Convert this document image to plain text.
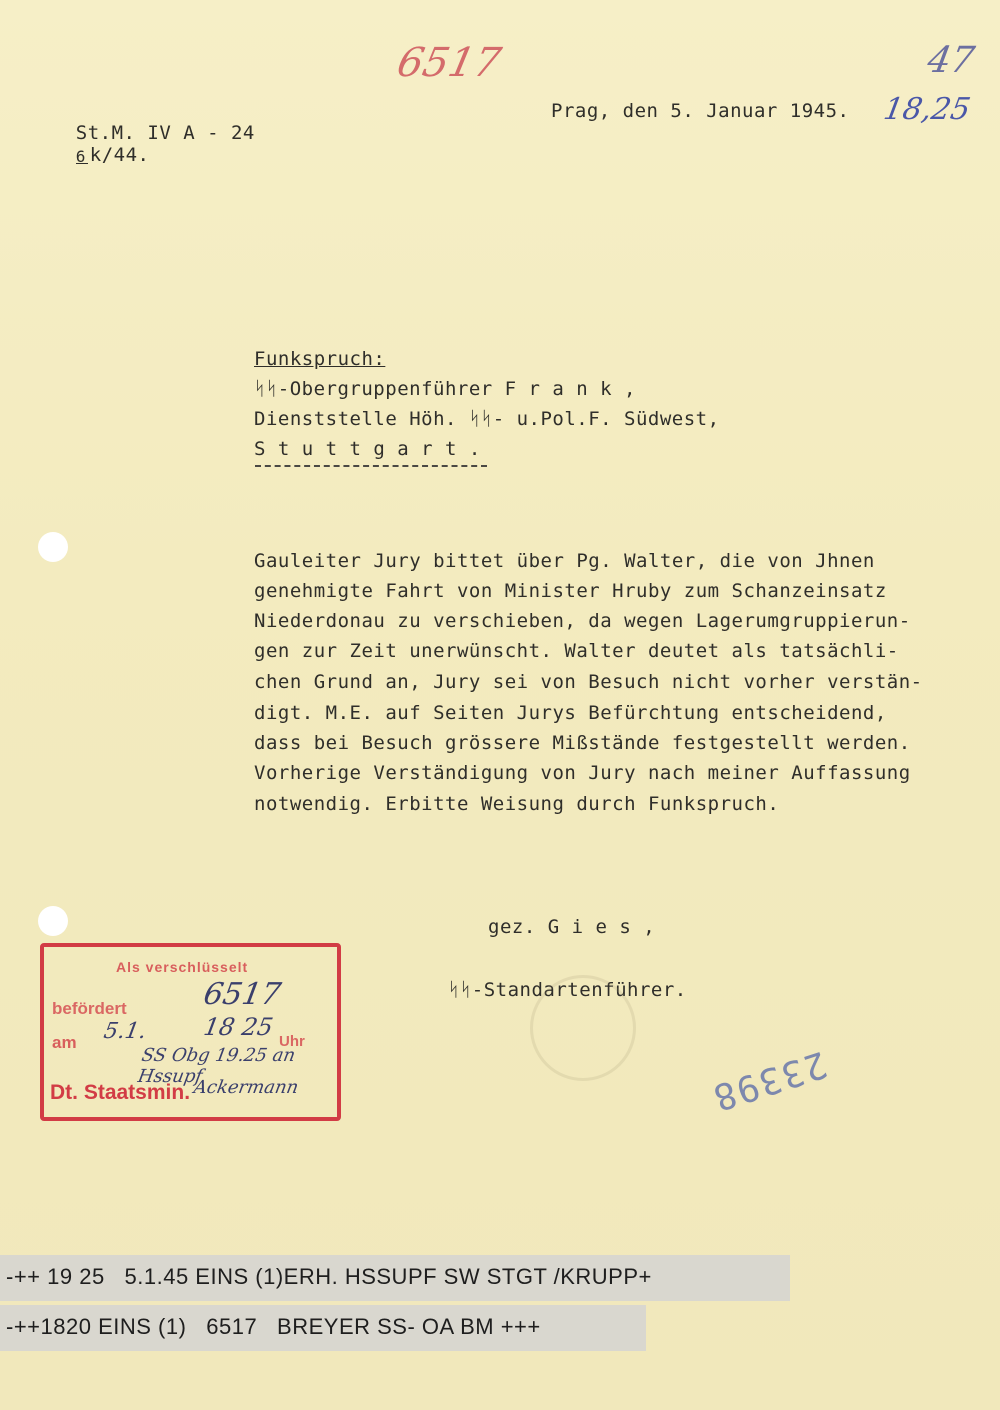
St.M. IV A - 24

6 k/44.

Prag, den 5. Januar 1945.
6517	47
18,25
Funkspruch:
ᛋᛋ-Obergruppenführer F r a n k ,
Dienststelle Höh. ᛋᛋ- u.Pol.F. Südwest,
S t u t t g a r t .
Gauleiter Jury bittet über Pg. Walter, die von Jhnen
genehmigte Fahrt von Minister Hruby zum Schanzeinsatz
Niederdonau zu verschieben, da wegen Lagerumgruppierun-
gen zur Zeit unerwünscht. Walter deutet als tatsächli-
chen Grund an, Jury sei von Besuch nicht vorher verstän-
digt. M.E. auf Seiten Jurys Befürchtung entscheidend,
dass bei Besuch grössere Mißstände festgestellt werden.
Vorherige Verständigung von Jury nach meiner Auffassung
notwendig. Erbitte Weisung durch Funkspruch.
gez. G i e s ,
ᛋᛋ-Standartenführer.
Als verschlüsselt
befördert
am	Uhr
Dt. Staatsmin.
6517
5.1. 18 25
SS Obg 19.25 an Hssupf
Ackermann	23398
-++ 19 25   5.1.45 EINS (1)ERH. HSSUPF SW STGT /KRUPP+
-++1820 EINS (1)   6517   BREYER SS- OA BM +++
